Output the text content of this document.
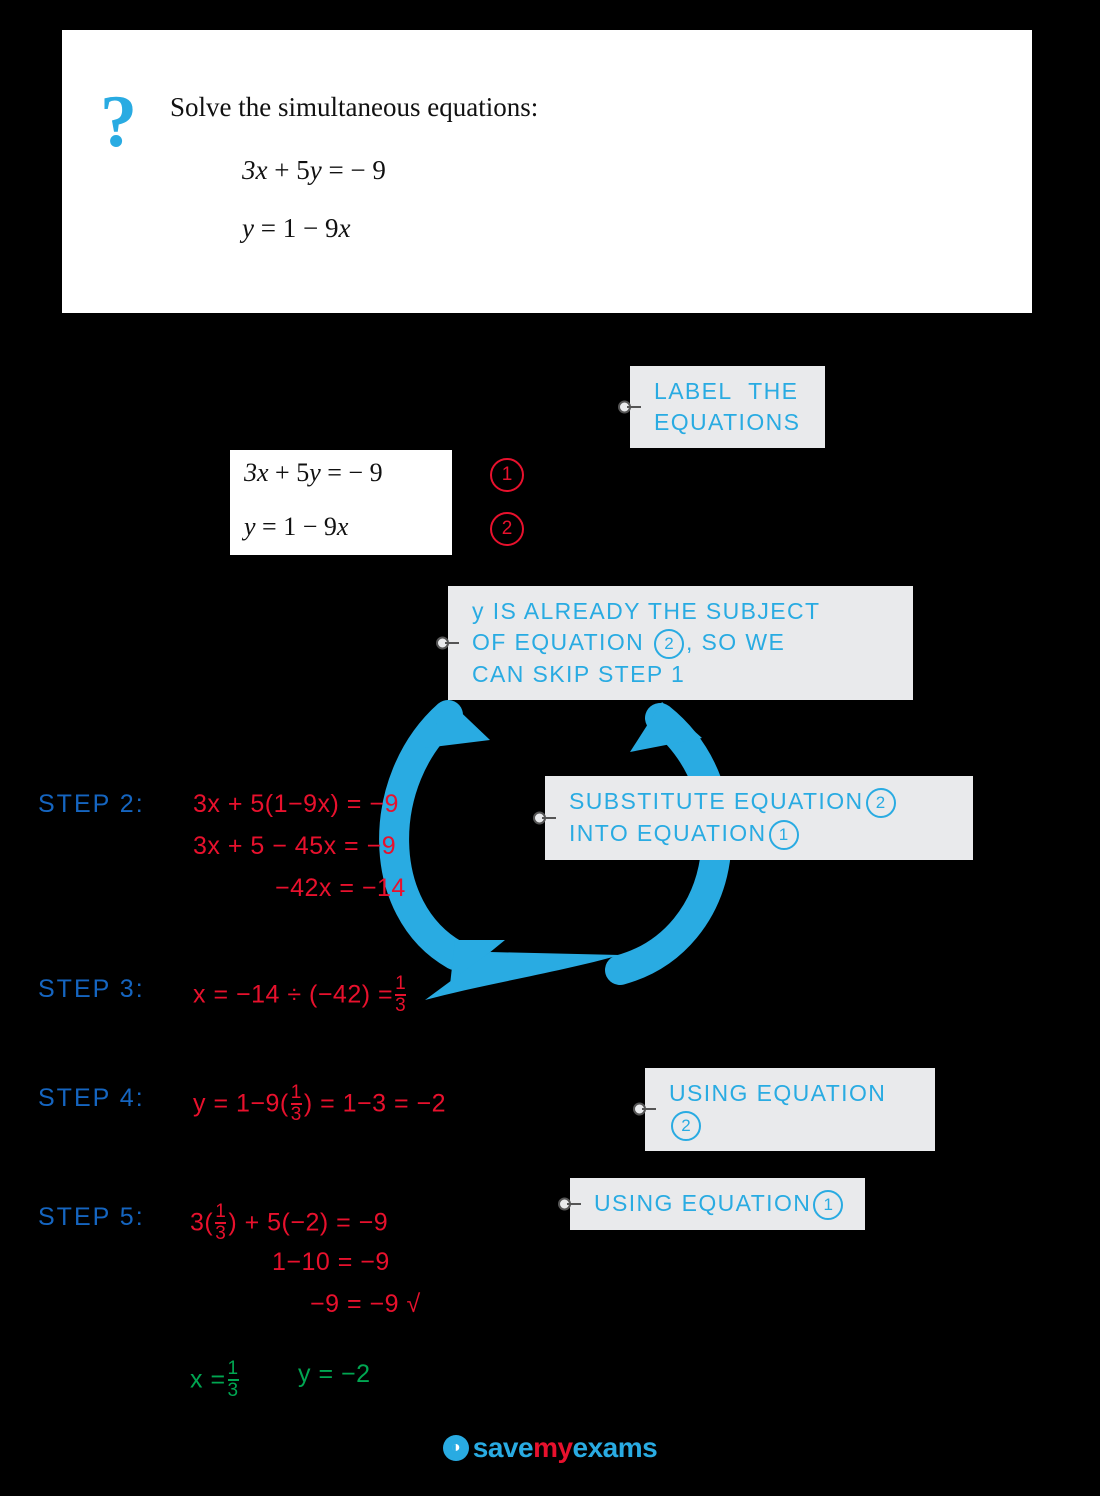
?	Solve the simultaneous equations:
3x + 5y = − 9
y = 1 − 9x
LABEL  THE
EQUATIONS
3x + 5y = − 9
y = 1 − 9x
1
2
y IS ALREADY THE SUBJECT
OF EQUATION 2 , SO WE
CAN SKIP STEP 1
SUBSTITUTE EQUATION 2
INTO EQUATION 1
STEP 2: 3x + 5(1−9x) = −9
3x + 5 − 45x = −9
−42x = −14
STEP 3: $x = -14 \div (-42) = \frac{1}{3}$
STEP 4: $y = 1-9( \frac{1}{3}$ ) = 1−3 = −2	USING EQUATION2
USING EQUATION 1
STEP 5: $3( \frac{1}{3}$ ) + 5(−2) = −9
1−10 = −9
−9 = −9 √
$x = \frac{1}{3}$ y = −2
◑ savemyexams
